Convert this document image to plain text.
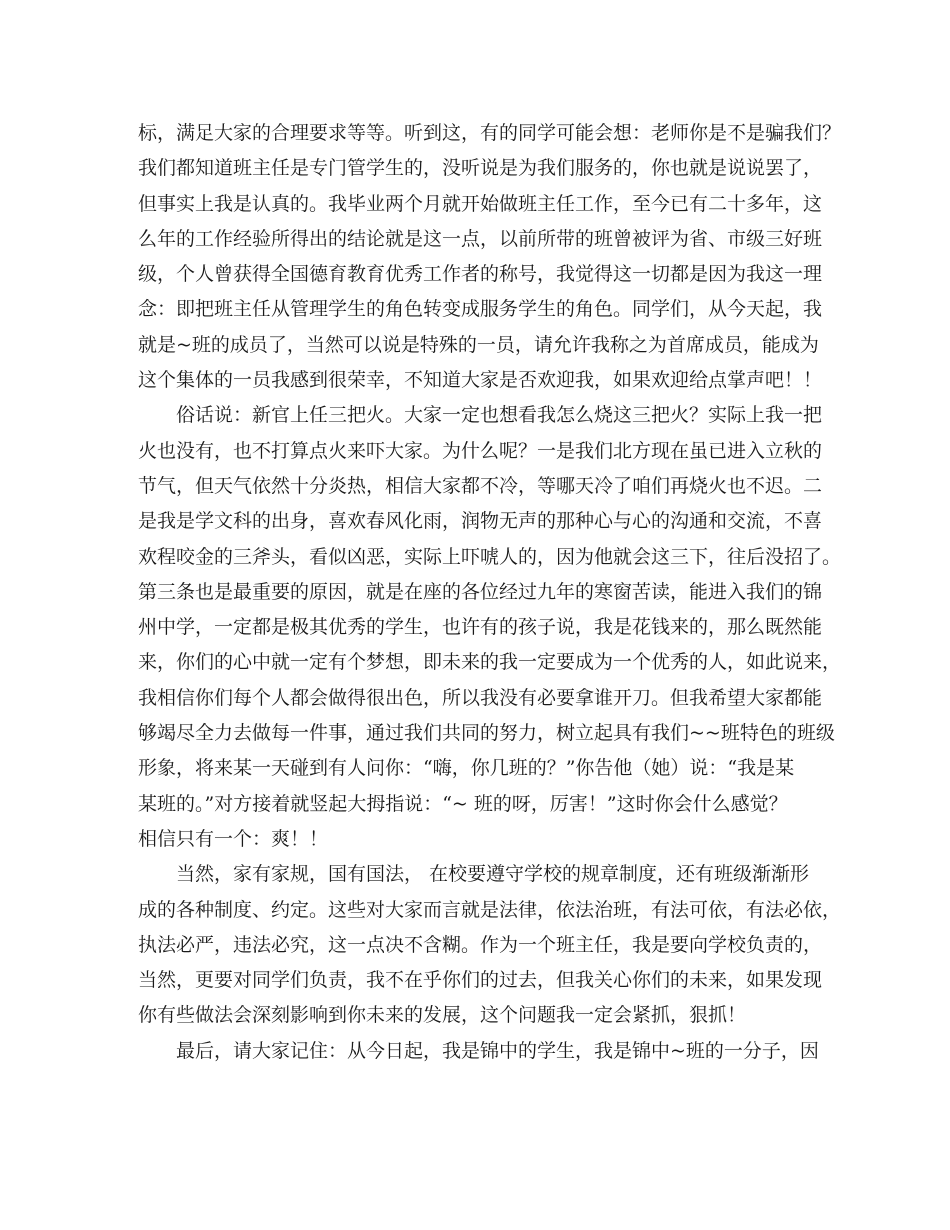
标，满足大家的合理要求等等。听到这，有的同学可能会想：老师你是不是骗我们？
我们都知道班主任是专门管学生的，没听说是为我们服务的，你也就是说说罢了，
但事实上我是认真的。我毕业两个月就开始做班主任工作，至今已有二十多年，这
么年的工作经验所得出的结论就是这一点，以前所带的班曾被评为省、市级三好班
级，个人曾获得全国德育教育优秀工作者的称号，我觉得这一切都是因为我这一理
念：即把班主任从管理学生的角色转变成服务学生的角色。同学们，从今天起，我
就是~班的成员了，当然可以说是特殊的一员，请允许我称之为首席成员，能成为
这个集体的一员我感到很荣幸，不知道大家是否欢迎我，如果欢迎给点掌声吧！！
俗话说：新官上任三把火。大家一定也想看我怎么烧这三把火？实际上我一把
火也没有，也不打算点火来吓大家。为什么呢？一是我们北方现在虽已进入立秋的
节气，但天气依然十分炎热，相信大家都不冷，等哪天冷了咱们再烧火也不迟。二
是我是学文科的出身，喜欢春风化雨，润物无声的那种心与心的沟通和交流，不喜
欢程咬金的三斧头，看似凶恶，实际上吓唬人的，因为他就会这三下，往后没招了。
第三条也是最重要的原因，就是在座的各位经过九年的寒窗苦读，能进入我们的锦
州中学，一定都是极其优秀的学生，也许有的孩子说，我是花钱来的，那么既然能
来，你们的心中就一定有个梦想，即未来的我一定要成为一个优秀的人，如此说来，
我相信你们每个人都会做得很出色，所以我没有必要拿谁开刀。但我希望大家都能
够竭尽全力去做每一件事，通过我们共同的努力，树立起具有我们~~班特色的班级
形象，将来某一天碰到有人问你：“嗨，你几班的？”你告他（她）说：“我是某
某班的。”对方接着就竖起大拇指说：“~ 班的呀，厉害！”这时你会什么感觉？
相信只有一个：爽！！
当然，家有家规，国有国法， 在校要遵守学校的规章制度，还有班级渐渐形
成的各种制度、约定。这些对大家而言就是法律，依法治班，有法可依，有法必依，
执法必严，违法必究，这一点决不含糊。作为一个班主任，我是要向学校负责的，
当然，更要对同学们负责，我不在乎你们的过去，但我关心你们的未来，如果发现
你有些做法会深刻影响到你未来的发展，这个问题我一定会紧抓，狠抓！
最后，请大家记住：从今日起，我是锦中的学生，我是锦中~班的一分子，因
